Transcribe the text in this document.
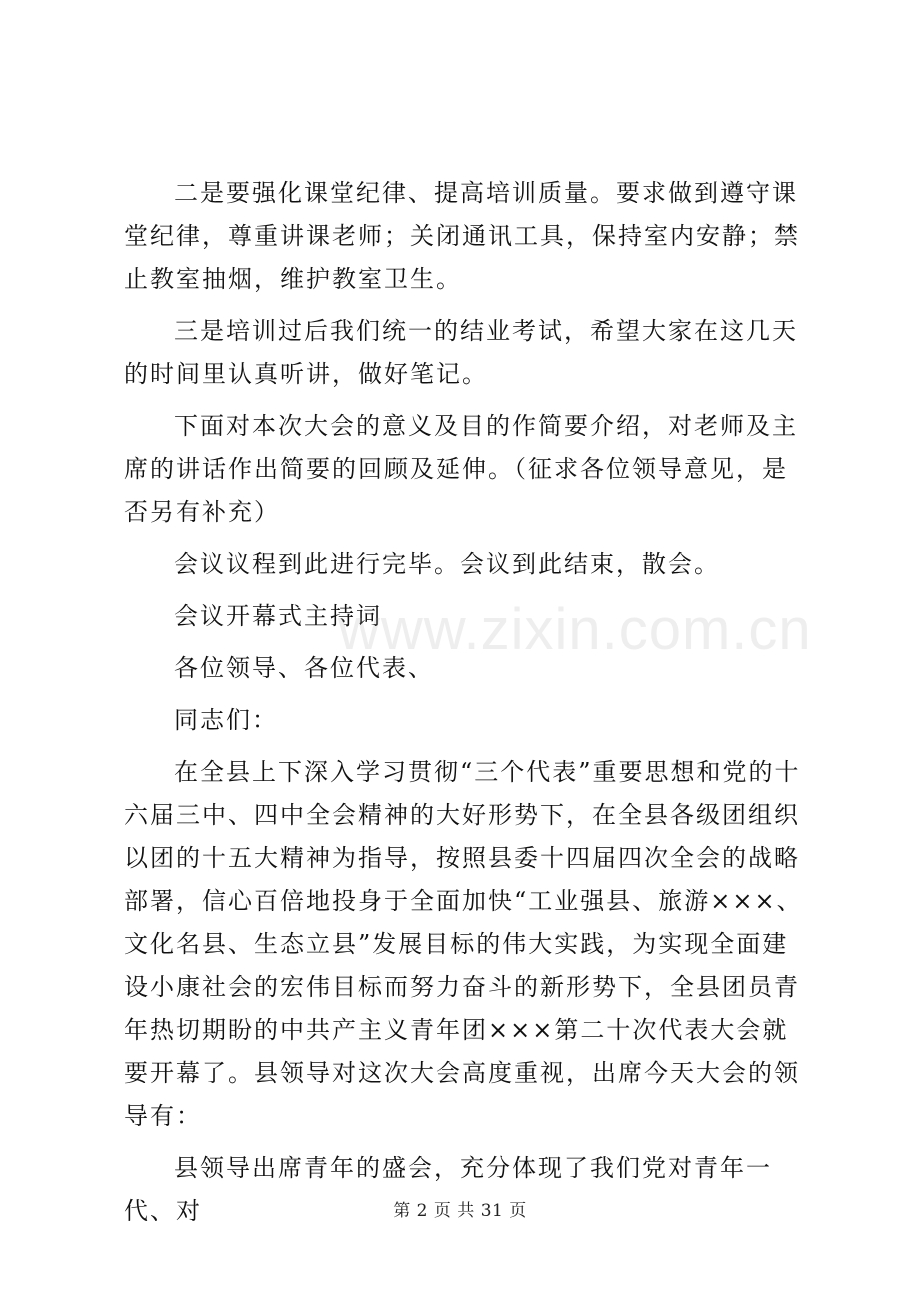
二是要强化课堂纪律、提高培训质量。要求做到遵守课堂纪律，尊重讲课老师；关闭通讯工具，保持室内安静；禁止教室抽烟，维护教室卫生。

三是培训过后我们统一的结业考试，希望大家在这几天的时间里认真听讲，做好笔记。

下面对本次大会的意义及目的作简要介绍，对老师及主席的讲话作出简要的回顾及延伸。（征求各位领导意见，是否另有补充）

会议议程到此进行完毕。会议到此结束，散会。

会议开幕式主持词

各位领导、各位代表、

同志们：

在全县上下深入学习贯彻“三个代表”重要思想和党的十六届三中、四中全会精神的大好形势下，在全县各级团组织以团的十五大精神为指导，按照县委十四届四次全会的战略部署，信心百倍地投身于全面加快“工业强县、旅游×××、文化名县、生态立县”发展目标的伟大实践，为实现全面建设小康社会的宏伟目标而努力奋斗的新形势下，全县团员青年热切期盼的中共产主义青年团×××第二十次代表大会就要开幕了。县领导对这次大会高度重视，出席今天大会的领导有：

县领导出席青年的盛会，充分体现了我们党对青年一代、对

www.zixin.com.cn
第 2 页 共 31 页
